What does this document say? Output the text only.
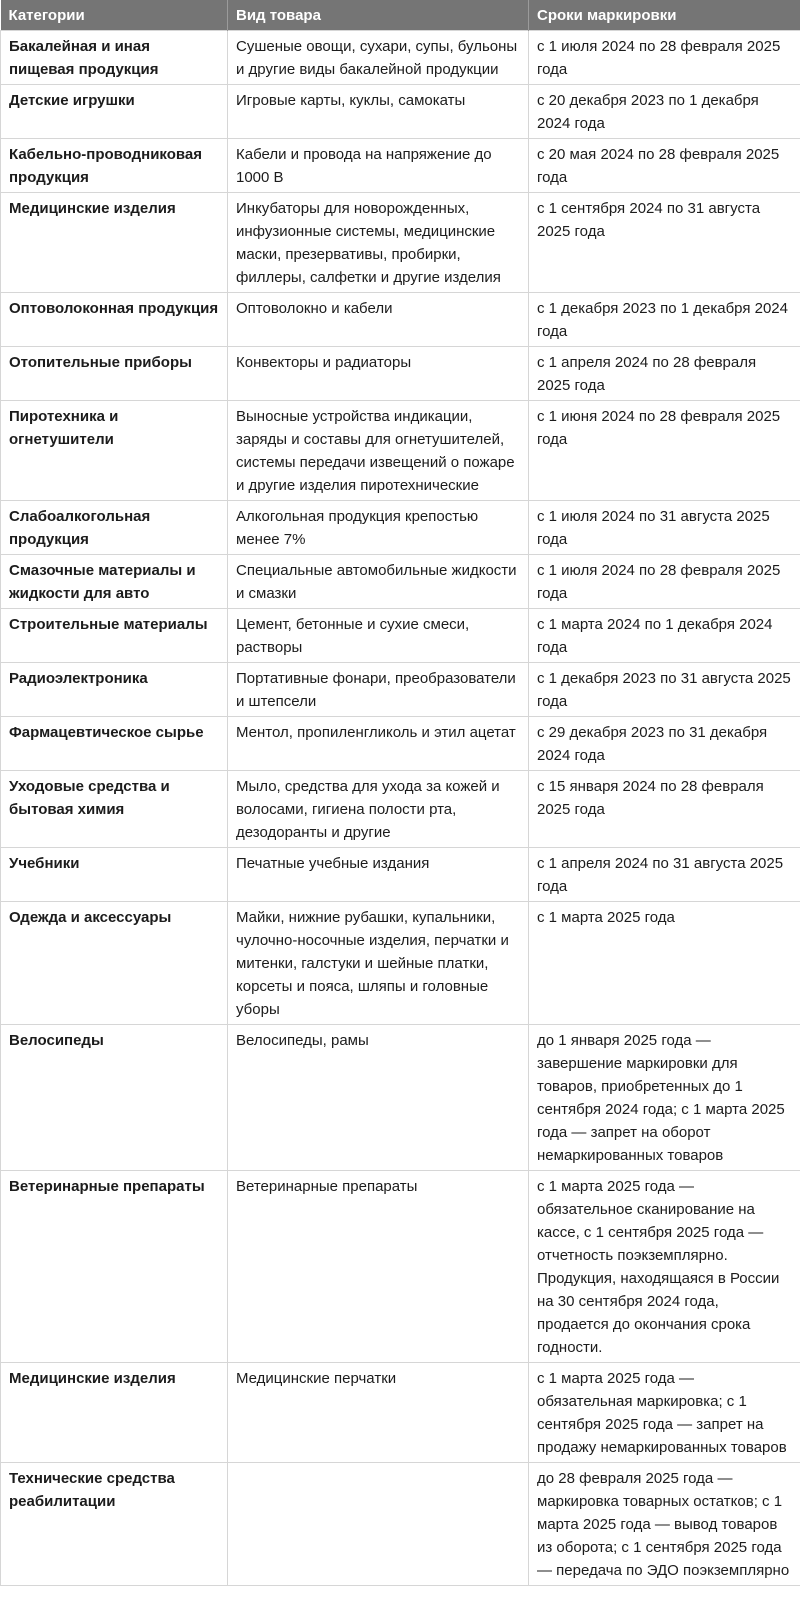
Категории	Вид товара	Сроки маркировки
Бакалейная и иная пищевая продукция	Сушеные овощи, сухари, супы, бульоны и другие виды бакалейной продукции	с 1 июля 2024 по 28 февраля 2025 года
Детские игрушки	Игровые карты, куклы, самокаты	с 20 декабря 2023 по 1 декабря 2024 года
Кабельно-проводниковая продукция	Кабели и провода на напряжение до 1000 В	с 20 мая 2024 по 28 февраля 2025 года
Медицинские изделия	Инкубаторы для новорожденных, инфузионные системы, медицинские маски, презервативы, пробирки, филлеры, салфетки и другие изделия	с 1 сентября 2024 по 31 августа 2025 года
Оптоволоконная продукция	Оптоволокно и кабели	с 1 декабря 2023 по 1 декабря 2024 года
Отопительные приборы	Конвекторы и радиаторы	с 1 апреля 2024 по 28 февраля 2025 года
Пиротехника и огнетушители	Выносные устройства индикации, заряды и составы для огнетушителей, системы передачи извещений о пожаре и другие изделия пиротехнические	с 1 июня 2024 по 28 февраля 2025 года
Слабоалкогольная продукция	Алкогольная продукция крепостью менее 7%	с 1 июля 2024 по 31 августа 2025 года
Смазочные материалы и жидкости для авто	Специальные автомобильные жидкости и смазки	с 1 июля 2024 по 28 февраля 2025 года
Строительные материалы	Цемент, бетонные и сухие смеси, растворы	с 1 марта 2024 по 1 декабря 2024 года
Радиоэлектроника	Портативные фонари, преобразователи и штепсели	с 1 декабря 2023 по 31 августа 2025 года
Фармацевтическое сырье	Ментол, пропиленгликоль и этил ацетат	с 29 декабря 2023 по 31 декабря 2024 года
Уходовые средства и бытовая химия	Мыло, средства для ухода за кожей и волосами, гигиена полости рта, дезодоранты и другие	с 15 января 2024 по 28 февраля 2025 года
Учебники	Печатные учебные издания	с 1 апреля 2024 по 31 августа 2025 года
Одежда и аксессуары	Майки, нижние рубашки, купальники, чулочно-носочные изделия, перчатки и митенки, галстуки и шейные платки, корсеты и пояса, шляпы и головные уборы	с 1 марта 2025 года
Велосипеды	Велосипеды, рамы	до 1 января 2025 года — завершение маркировки для товаров, приобретенных до 1 сентября 2024 года; с 1 марта 2025 года — запрет на оборот немаркированных товаров
Ветеринарные препараты	Ветеринарные препараты	с 1 марта 2025 года — обязательное сканирование на кассе, с 1 сентября 2025 года — отчетность поэкземплярно. Продукция, находящаяся в России на 30 сентября 2024 года, продается до окончания срока годности.
Медицинские изделия	Медицинские перчатки	с 1 марта 2025 года — обязательная маркировка; с 1 сентября 2025 года — запрет на продажу немаркированных товаров
Технические средства реабилитации		до 28 февраля 2025 года — маркировка товарных остатков; с 1 марта 2025 года — вывод товаров из оборота; с 1 сентября 2025 года — передача по ЭДО поэкземплярно
